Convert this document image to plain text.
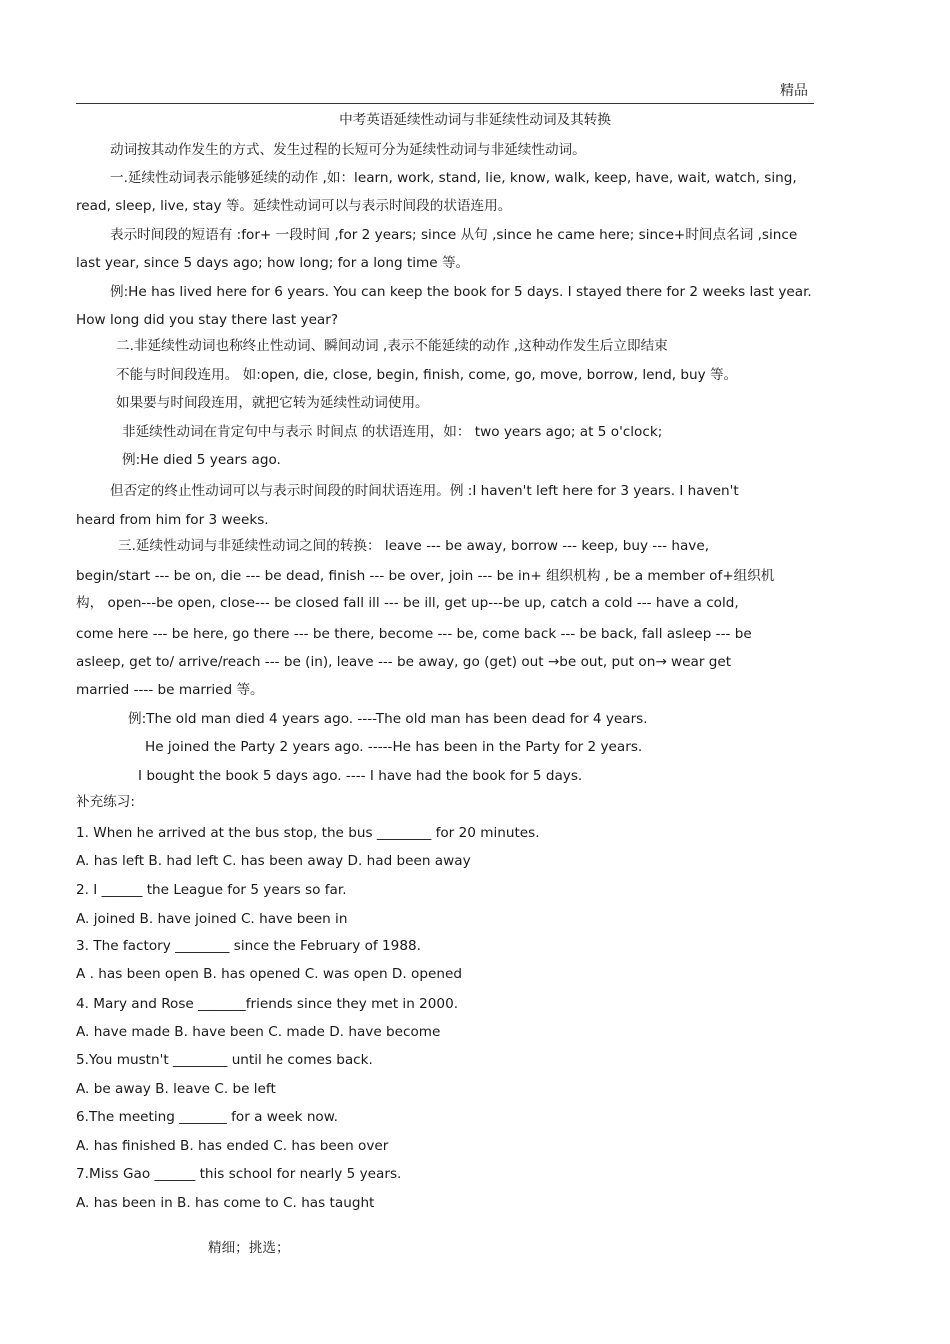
精品
中考英语延续性动词与非延续性动词及其转换
动词按其动作发生的方式、发生过程的长短可分为延续性动词与非延续性动词。
一.延续性动词表示能够延续的动作 ,如：learn, work, stand, lie, know, walk, keep, have, wait, watch, sing,
read, sleep, live, stay 等。延续性动词可以与表示时间段的状语连用。
表示时间段的短语有 :for+ 一段时间 ,for 2 years; since 从句 ,since he came here; since+时间点名词 ,since
last year, since 5 days ago; how long; for a long time 等。
例:He has lived here for 6 years. You can keep the book for 5 days. I stayed there for 2 weeks last year.
How long did you stay there last year?
二.非延续性动词也称终止性动词、瞬间动词 ,表示不能延续的动作 ,这种动作发生后立即结束
不能与时间段连用。 如:open, die, close, begin, finish, come, go, move, borrow, lend, buy 等。
如果要与时间段连用，就把它转为延续性动词使用。
非延续性动词在肯定句中与表示 时间点 的状语连用，如： two years ago; at 5 o'clock;
例:He died 5 years ago.
但否定的终止性动词可以与表示时间段的时间状语连用。例 :I haven't left here for 3 years. I haven't
heard from him for 3 weeks.
三.延续性动词与非延续性动词之间的转换： leave --- be away, borrow --- keep, buy --- have,
begin/start --- be on, die --- be dead, finish --- be over, join --- be in+ 组织机构 , be a member of+组织机
构， open---be open, close--- be closed fall ill --- be ill, get up---be up, catch a cold --- have a cold,
come here --- be here, go there --- be there, become --- be, come back --- be back, fall asleep --- be
asleep, get to/ arrive/reach --- be (in), leave --- be away, go (get) out →be out, put on→ wear get
married ---- be married 等。
例:The old man died 4 years ago. ----The old man has been dead for 4 years.
He joined the Party 2 years ago. -----He has been in the Party for 2 years.
I bought the book 5 days ago. ---- I have had the book for 5 days.
补充练习:
1. When he arrived at the bus stop, the bus ________ for 20 minutes.
A. has left B. had left C. has been away D. had been away
2. I ______ the League for 5 years so far.
A. joined B. have joined C. have been in
3. The factory ________ since the February of 1988.
A . has been open B. has opened C. was open D. opened
4. Mary and Rose _______friends since they met in 2000.
A. have made B. have been C. made D. have become
5.You mustn't ________ until he comes back.
A. be away B. leave C. be left
6.The meeting _______ for a week now.
A. has finished B. has ended C. has been over
7.Miss Gao ______ this school for nearly 5 years.
A. has been in B. has come to C. has taught
精细；挑选；
